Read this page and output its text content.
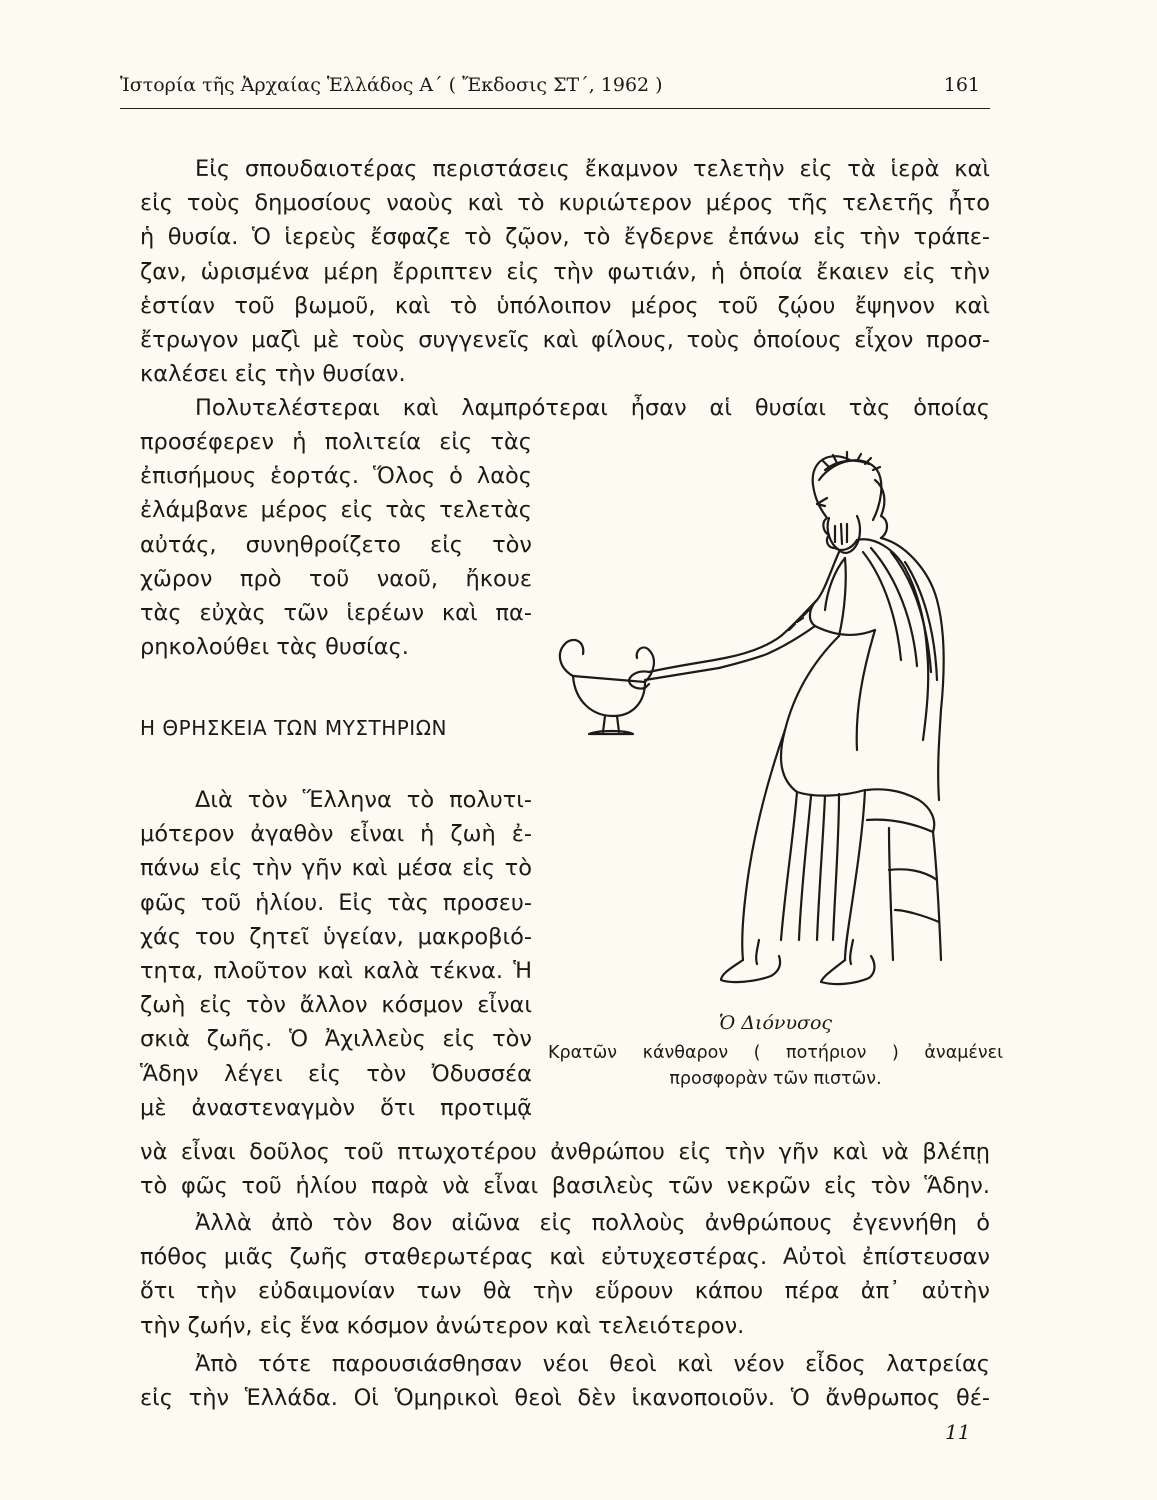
Ἱστορία τῆς Ἀρχαίας Ἑλλάδος Α΄ ( Ἔκδοσις ΣΤ΄, 1962 )	161
Εἰς σπουδαιοτέρας περιστάσεις ἔκαμνον τελετὴν εἰς τὰ ἱερὰ καὶ
εἰς τοὺς δημοσίους ναοὺς καὶ τὸ κυριώτερον μέρος τῆς τελετῆς ἦτο
ἡ θυσία. Ὁ ἱερεὺς ἔσφαζε τὸ ζῷον, τὸ ἔγδερνε ἐπάνω εἰς τὴν τράπε-
ζαν, ὡρισμένα μέρη ἔρριπτεν εἰς τὴν φωτιάν, ἡ ὁποία ἔκαιεν εἰς τὴν
ἑστίαν τοῦ βωμοῦ, καὶ τὸ ὑπόλοιπον μέρος τοῦ ζῴου ἔψηνον καὶ
ἔτρωγον μαζὶ μὲ τοὺς συγγενεῖς καὶ φίλους, τοὺς ὁποίους εἶχον προσ-
καλέσει εἰς τὴν θυσίαν.
Πολυτελέστεραι καὶ λαμπρότεραι ἦσαν αἱ θυσίαι τὰς ὁποίας
προσέφερεν ἡ πολιτεία εἰς τὰς
ἐπισήμους ἑορτάς. Ὅλος ὁ λαὸς
ἐλάμβανε μέρος εἰς τὰς τελετὰς
αὐτάς, συνηθροίζετο εἰς τὸν
χῶρον πρὸ τοῦ ναοῦ, ἤκουε
τὰς εὐχὰς τῶν ἱερέων καὶ πα-
ρηκολούθει τὰς θυσίας.
Η ΘΡΗΣΚΕΙΑ ΤΩΝ ΜΥΣΤΗΡΙΩΝ
Διὰ τὸν Ἕλληνα τὸ πολυτι-
μότερον ἀγαθὸν εἶναι ἡ ζωὴ ἐ-
πάνω εἰς τὴν γῆν καὶ μέσα εἰς τὸ
φῶς τοῦ ἡλίου. Εἰς τὰς προσευ-
χάς του ζητεῖ ὑγείαν, μακροβιό-
τητα, πλοῦτον καὶ καλὰ τέκνα. Ἡ
ζωὴ εἰς τὸν ἄλλον κόσμον εἶναι
σκιὰ ζωῆς. Ὁ Ἀχιλλεὺς εἰς τὸν
Ἅδην λέγει εἰς τὸν Ὀδυσσέα
μὲ ἀναστεναγμὸν ὅτι προτιμᾷ
νὰ εἶναι δοῦλος τοῦ πτωχοτέρου ἀνθρώπου εἰς τὴν γῆν καὶ νὰ βλέπῃ
τὸ φῶς τοῦ ἡλίου παρὰ νὰ εἶναι βασιλεὺς τῶν νεκρῶν εἰς τὸν Ἅδην.
Ἀλλὰ ἀπὸ τὸν 8ον αἰῶνα εἰς πολλοὺς ἀνθρώπους ἐγεννήθη ὁ
πόθος μιᾶς ζωῆς σταθερωτέρας καὶ εὐτυχεστέρας. Αὐτοὶ ἐπίστευσαν
ὅτι τὴν εὐδαιμονίαν των θὰ τὴν εὕρουν κάπου πέρα ἀπ᾽ αὐτὴν
τὴν ζωήν, εἰς ἕνα κόσμον ἀνώτερον καὶ τελειότερον.
Ἀπὸ τότε παρουσιάσθησαν νέοι θεοὶ καὶ νέον εἶδος λατρείας
εἰς τὴν Ἑλλάδα. Οἱ Ὁμηρικοὶ θεοὶ δὲν ἱκανοποιοῦν. Ὁ ἄνθρωπος θέ-
Ὁ Διόνυσος
Κρατῶν κάνθαρον ( ποτήριον ) ἀναμένει
προσφορὰν τῶν πιστῶν.
11
